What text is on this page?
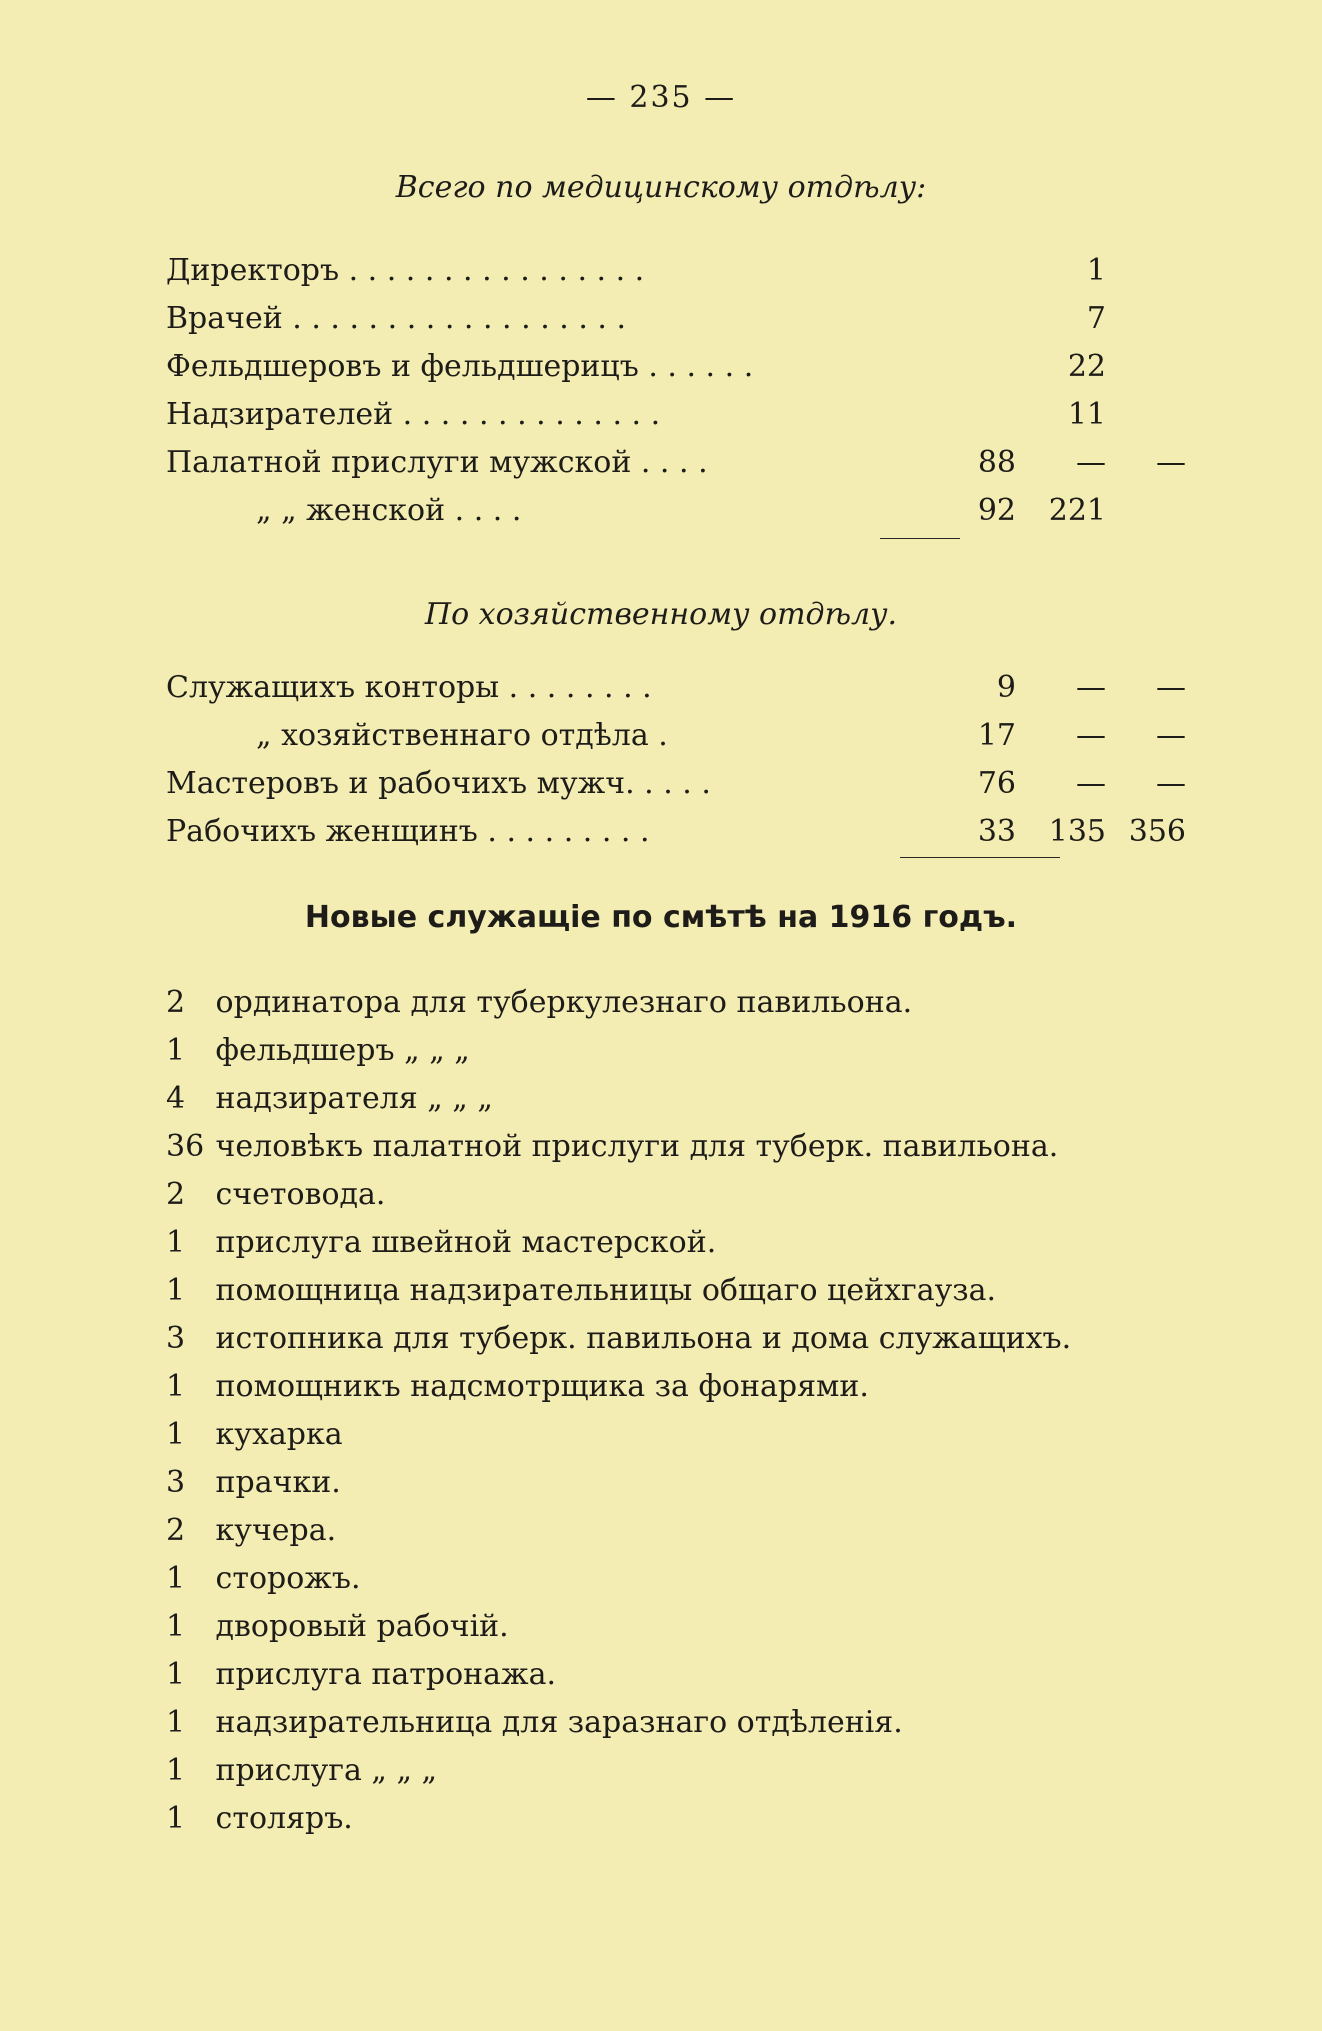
— 235 —
Всего по медицинскому отдѣлу:
Директоръ . . . . . . . . . . . . . . . .	1
Врачей . . . . . . . . . . . . . . . . . .	7
Фельдшеровъ и фельдшерицъ . . . . . .	22
Надзирателей . . . . . . . . . . . . . .	11
Палатной прислуги мужской . . . .	88	—	—
„ „ женской . . . .	92	221
По хозяйственному отдѣлу.
Служащихъ конторы . . . . . . . .	9	—	—
„ хозяйственнаго отдѣла .	17	—	—
Мастеровъ и рабочихъ мужч. . . . .	76	—	—
Рабочихъ женщинъ . . . . . . . . .	33	135 356
Новые служащіе по смѣтѣ на 1916 годъ.
2 ординатора для туберкулезнаго павильона.
1 фельдшеръ „ „ „
4 надзирателя „ „ „
36 человѣкъ палатной прислуги для туберк. павильона.
2 счетовода.
1 прислуга швейной мастерской.
1 помощница надзирательницы общаго цейхгауза.
3 истопника для туберк. павильона и дома служащихъ.
1 помощникъ надсмотрщика за фонарями.
1 кухарка
3 прачки.
2 кучера.
1 сторожъ.
1 дворовый рабочій.
1 прислуга патронажа.
1 надзирательница для заразнаго отдѣленія.
1 прислуга „ „ „
1 столяръ.
